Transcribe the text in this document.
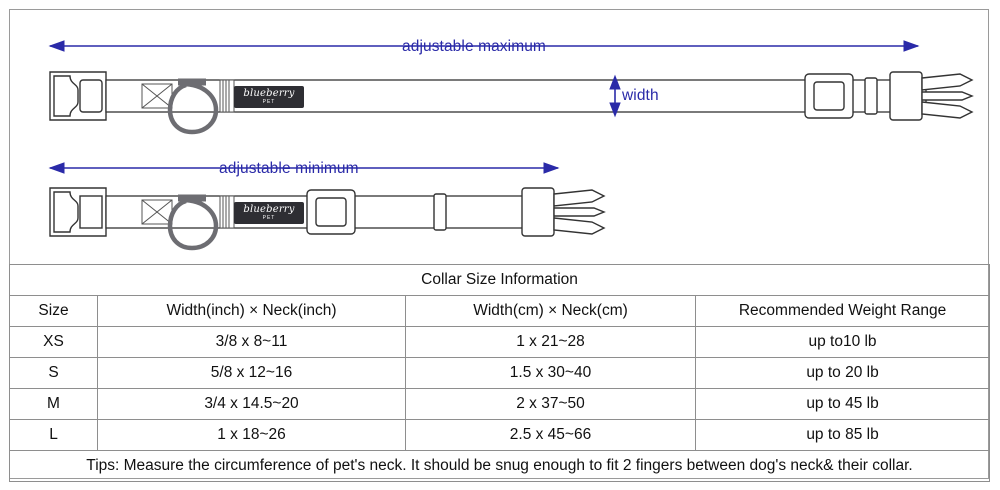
blueberry
PET
blueberry
PET
adjustable maximum
adjustable minimum
width
Collar Size Information			
Size	Width(inch) × Neck(inch)	Width(cm) × Neck(cm)	Recommended Weight Range
XS	3/8 x 8~11	1 x 21~28	up to10 lb
S	5/8 x 12~16	1.5 x 30~40	up to 20 lb
M	3/4 x 14.5~20	2 x 37~50	up to 45 lb
L	1 x 18~26	2.5 x 45~66	up to 85 lb
Tips: Measure the circumference of pet's neck. It should be snug enough to fit 2 fingers between dog's neck& their collar.			
